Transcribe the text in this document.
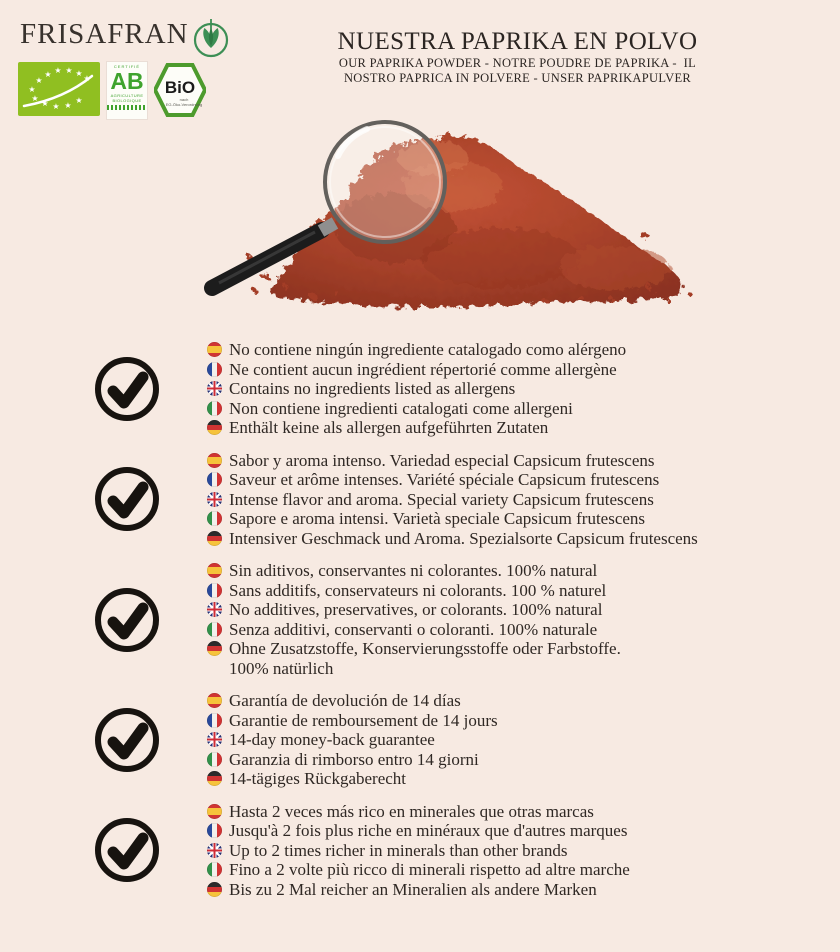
FRISAFRAN
★
★
★ ★ ★ ★
★
★
★ ★ ★
★
CERTIFIÉ
AB
AGRICULTURE
BIOLOGIQUE
BiO
nach
EG-Öko-Verordnung
NUESTRA PAPRIKA EN POLVO
OUR PAPRIKA POWDER - NOTRE POUDRE DE PAPRIKA -  IL
NOSTRO PAPRICA IN POLVERE - UNSER PAPRIKAPULVER
No contiene ningún ingrediente catalogado como alérgeno
Ne contient aucun ingrédient répertorié comme allergène
Contains no ingredients listed as allergens
Non contiene ingredienti catalogati come allergeni
Enthält keine als allergen aufgeführten Zutaten
Sabor y aroma intenso. Variedad especial Capsicum frutescens
Saveur et arôme intenses. Variété spéciale Capsicum frutescens
Intense flavor and aroma. Special variety Capsicum frutescens
Sapore e aroma intensi. Varietà speciale Capsicum frutescens
Intensiver Geschmack und Aroma. Spezialsorte Capsicum frutescens
Sin aditivos, conservantes ni colorantes. 100% natural
Sans additifs, conservateurs ni colorants. 100 % naturel
No additives, preservatives, or colorants. 100% natural
Senza additivi, conservanti o coloranti. 100% naturale
Ohne Zusatzstoffe, Konservierungsstoffe oder Farbstoffe.
100% natürlich
Garantía de devolución de 14 días
Garantie de remboursement de 14 jours
14-day money-back guarantee
Garanzia di rimborso entro 14 giorni
14-tägiges Rückgaberecht
Hasta 2 veces más rico en minerales que otras marcas
Jusqu'à 2 fois plus riche en minéraux que d'autres marques
Up to 2 times richer in minerals than other brands
Fino a 2 volte più ricco di minerali rispetto ad altre marche
Bis zu 2 Mal reicher an Mineralien als andere Marken
